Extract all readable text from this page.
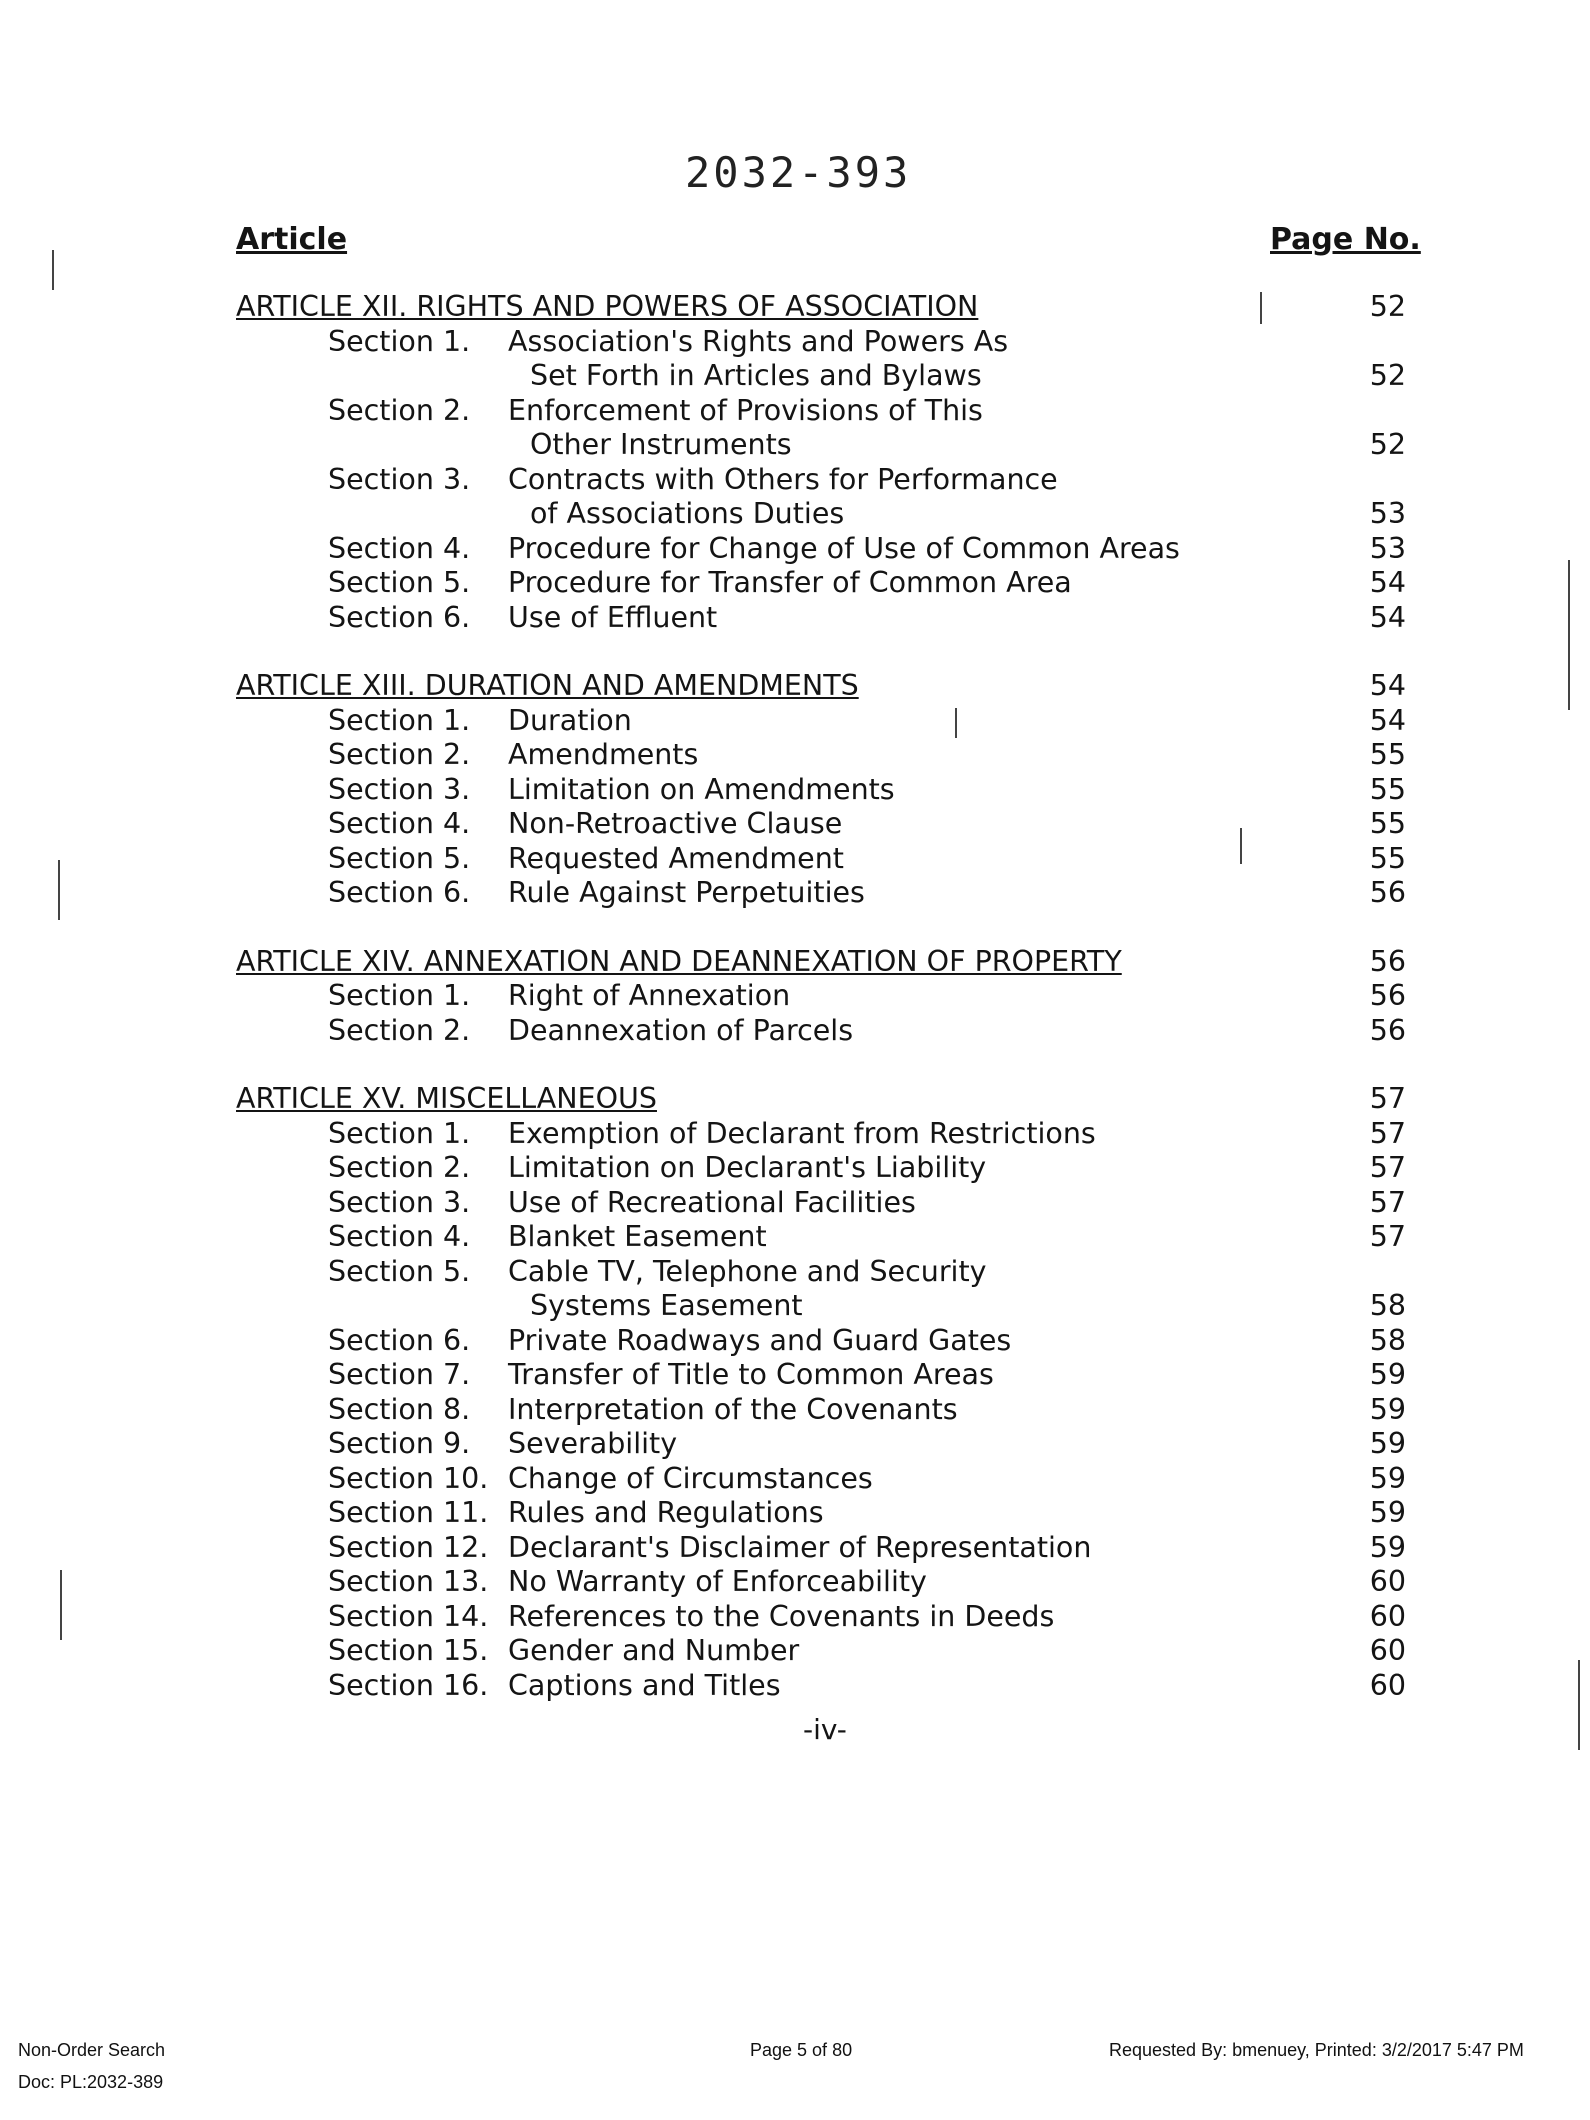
2032-393
Article	Page No.
ARTICLE XII. RIGHTS AND POWERS OF ASSOCIATION	52
Section 1. Association's Rights and Powers As
Set Forth in Articles and Bylaws	52
Section 2. Enforcement of Provisions of This
Other Instruments	52
Section 3. Contracts with Others for Performance
of Associations Duties	53
Section 4. Procedure for Change of Use of Common Areas	53
Section 5. Procedure for Transfer of Common Area	54
Section 6. Use of Effluent	54
ARTICLE XIII. DURATION AND AMENDMENTS	54
Section 1. Duration	54
Section 2. Amendments	55
Section 3. Limitation on Amendments	55
Section 4. Non-Retroactive Clause	55
Section 5. Requested Amendment	55
Section 6. Rule Against Perpetuities	56
ARTICLE XIV. ANNEXATION AND DEANNEXATION OF PROPERTY	56
Section 1. Right of Annexation	56
Section 2. Deannexation of Parcels	56
ARTICLE XV. MISCELLANEOUS	57
Section 1. Exemption of Declarant from Restrictions	57
Section 2. Limitation on Declarant's Liability	57
Section 3. Use of Recreational Facilities	57
Section 4. Blanket Easement	57
Section 5. Cable TV, Telephone and Security
Systems Easement	58
Section 6. Private Roadways and Guard Gates	58
Section 7. Transfer of Title to Common Areas	59
Section 8. Interpretation of the Covenants	59
Section 9. Severability	59
Section 10. Change of Circumstances	59
Section 11. Rules and Regulations	59
Section 12. Declarant's Disclaimer of Representation	59
Section 13. No Warranty of Enforceability	60
Section 14. References to the Covenants in Deeds	60
Section 15. Gender and Number	60
Section 16. Captions and Titles	60
-iv-
Non-Order Search
Doc: PL:2032-389
Page 5 of 80	Requested By: bmenuey, Printed: 3/2/2017 5:47 PM
